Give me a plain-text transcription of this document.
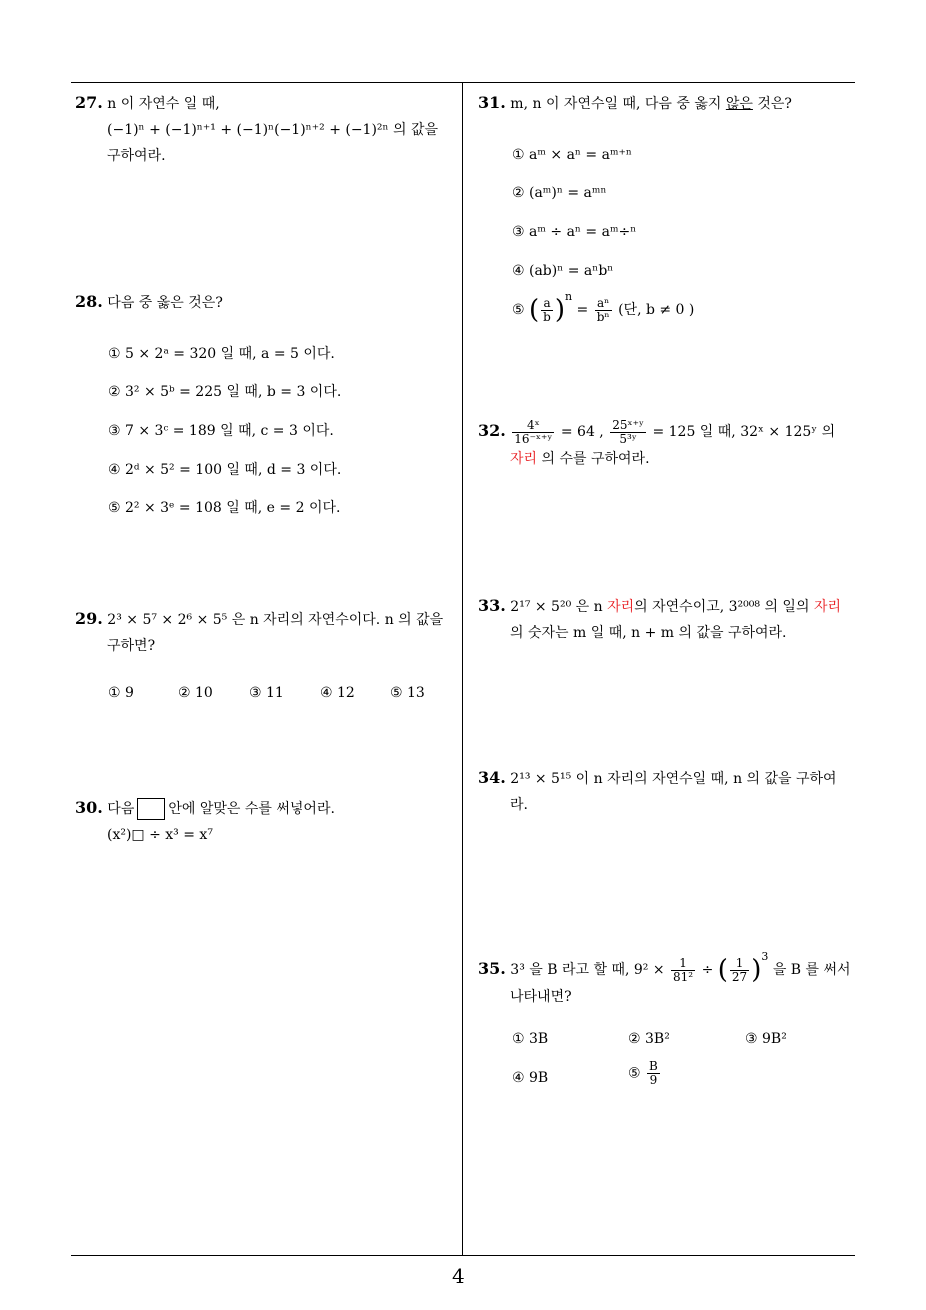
27. n 이 자연수 일 때,
(−1)ⁿ + (−1)ⁿ⁺¹ + (−1)ⁿ(−1)ⁿ⁺² + (−1)²ⁿ 의 값을
구하여라.
28. 다음 중 옳은 것은?
① 5 × 2ᵃ = 320 일 때, a = 5 이다.
② 3² × 5ᵇ = 225 일 때, b = 3 이다.
③ 7 × 3ᶜ = 189 일 때, c = 3 이다.
④ 2ᵈ × 5² = 100 일 때, d = 3 이다.
⑤ 2² × 3ᵉ = 108 일 때, e = 2 이다.
29. 2³ × 5⁷ × 2⁶ × 5⁵ 은 n 자리의 자연수이다. n 의 값을
구하면?
① 9	② 10	③ 11	④ 12	⑤ 13
30. 다음 안에 알맞은 수를 써넣어라.
(x²)□ ÷ x³ = x⁷
31. m, n 이 자연수일 때, 다음 중 옳지 않은 것은?
① aᵐ × aⁿ = aᵐ⁺ⁿ
② (aᵐ)ⁿ = aᵐⁿ
③ aᵐ ÷ aⁿ = aᵐ÷ⁿ
④ (ab)ⁿ = aⁿbⁿ
⑤ ( $\frac{a}{b} )^n = \frac{\text{aⁿ}}{\text{bⁿ}}$ (단, b ≠ 0 )
32. $\frac{\text{4ˣ}}{\text{16⁻ˣ⁺ʸ}} = 64$ , $\frac{\text{25ˣ⁺ʸ}}{\text{5³ʸ}} = 125$ 일 때, 32ˣ × 125ʸ 의
자리 의 수를 구하여라.
33. 2¹⁷ × 5²⁰ 은 n 자리의 자연수이고, 3²⁰⁰⁸ 의 일의 자리
의 숫자는 m 일 때, n + m 의 값을 구하여라.
34. 2¹³ × 5¹⁵ 이 n 자리의 자연수일 때, n 의 값을 구하여
라.
35. 3³ 을 B 라고 할 때, $9^2 \times \frac{1}{\text{81²}}$ ÷ ( $\frac{1}{27} )^3$ 을 B 를 써서
나타내면?
① 3B	② 3B²	③ 9B²
④ 9B	⑤ $\frac{B}{9}$
4
